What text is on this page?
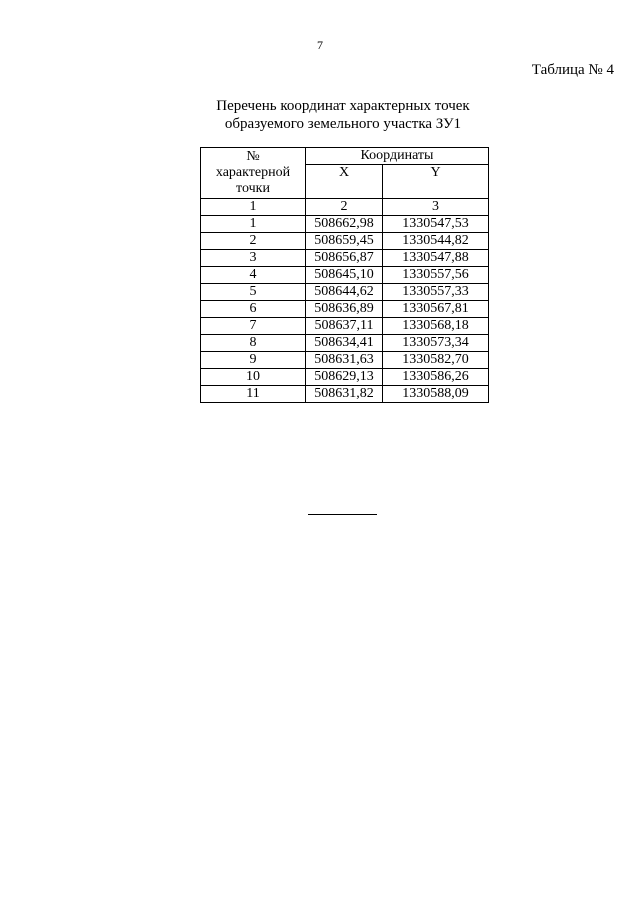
7
Таблица № 4
Перечень координат характерных точек
образуемого земельного участка ЗУ1
№
характерной
точки	Координаты	
	X	Y
1	2	3
1	508662,98	1330547,53
2	508659,45	1330544,82
3	508656,87	1330547,88
4	508645,10	1330557,56
5	508644,62	1330557,33
6	508636,89	1330567,81
7	508637,11	1330568,18
8	508634,41	1330573,34
9	508631,63	1330582,70
10	508629,13	1330586,26
11	508631,82	1330588,09
